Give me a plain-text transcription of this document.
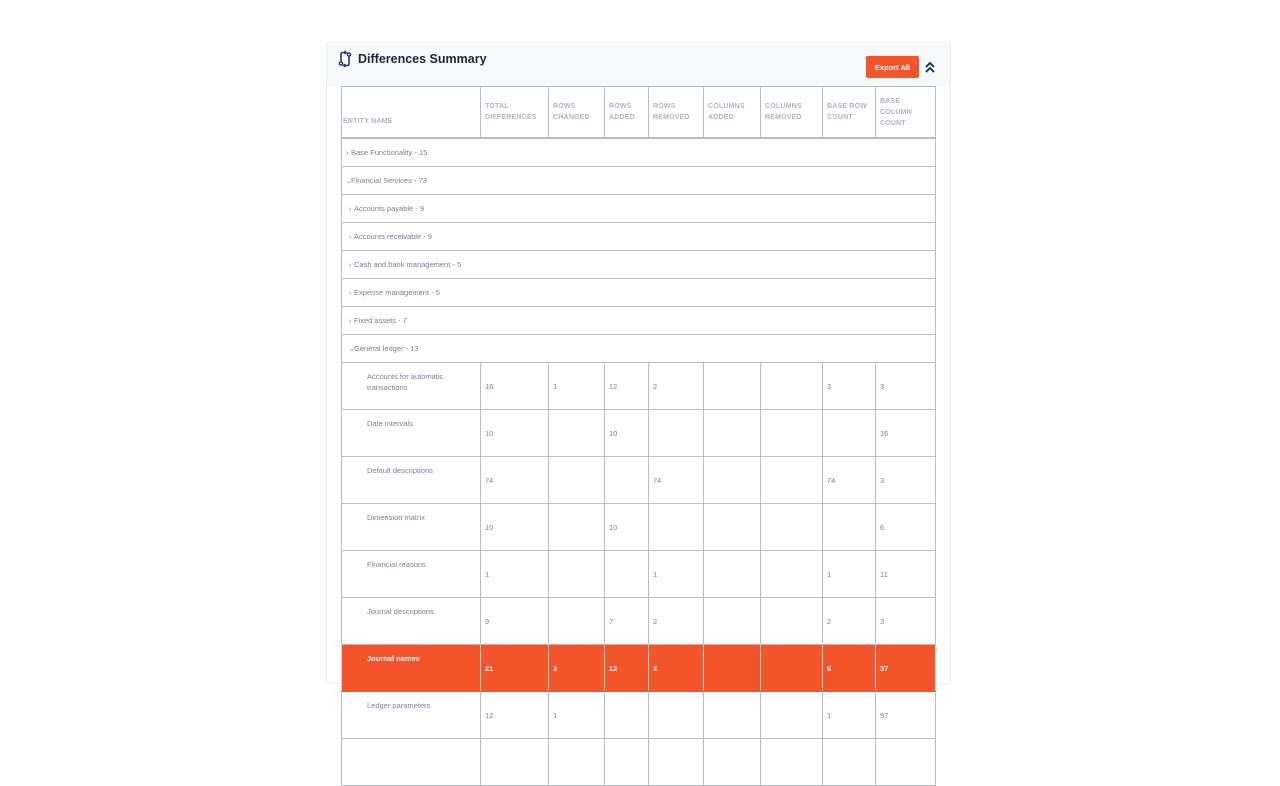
Differences Summary
Export All
ENTITY NAME	TOTAL DIFFERENCES	ROWS CHANGED	ROWS ADDED	ROWS REMOVED	COLUMNS ADDED	COLUMNS REMOVED	BASE ROW COUNT	BASE COLUMN COUNT
› Base Functionality - 15								
⌄Financial Services - 73								
› Accounts payable - 9								
› Accounts receivable - 9								
› Cash and bank management - 5								
› Expense management - 5								
› Fixed assets - 7								
⌄General ledger - 13								
Accounts for automatic transactions	16	1	12	2			3	3
Date intervals	10		10					16
Default descriptions	74			74			74	3
Dimension matrix	10		10					6
Financial reasons	1			1			1	11
Journal descriptions	9		7	2			2	3
Journal names	21	3	12	3			6	37
Ledger parameters	12	1					1	97
